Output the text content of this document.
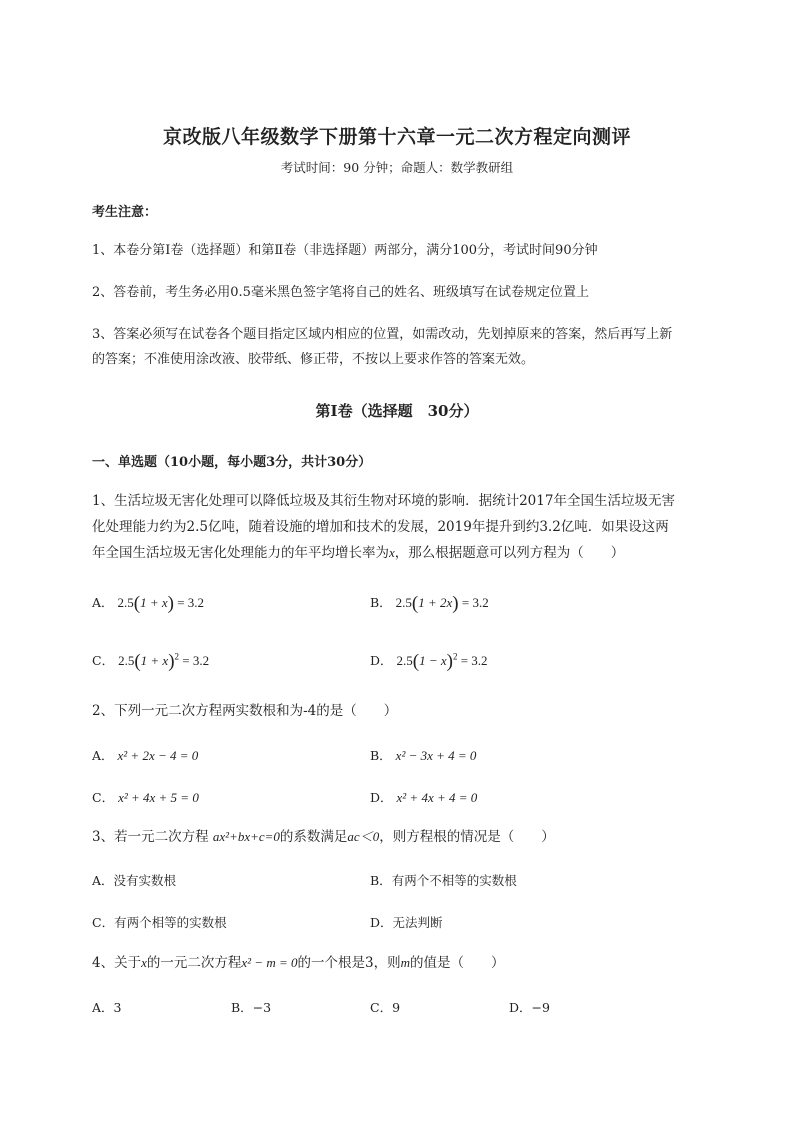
京改版八年级数学下册第十六章一元二次方程定向测评
考试时间：90 分钟；命题人：数学教研组
考生注意：
1、本卷分第Ⅰ卷（选择题）和第Ⅱ卷（非选择题）两部分，满分100分，考试时间90分钟
2、答卷前，考生务必用0.5毫米黑色签字笔将自己的姓名、班级填写在试卷规定位置上
3、答案必须写在试卷各个题目指定区域内相应的位置，如需改动，先划掉原来的答案，然后再写上新
的答案；不准使用涂改液、胶带纸、修正带，不按以上要求作答的答案无效。
第Ⅰ卷（选择题　30分）
一、单选题（10小题，每小题3分，共计30分）
1、生活垃圾无害化处理可以降低垃圾及其衍生物对环境的影响．据统计2017年全国生活垃圾无害
化处理能力约为2.5亿吨，随着设施的增加和技术的发展，2019年提升到约3.2亿吨．如果设这两
年全国生活垃圾无害化处理能力的年平均增长率为x，那么根据题意可以列方程为（　　）
A． 2.5(1 + x) = 3.2	B． 2.5(1 + 2x) = 3.2
C． $2.5(1 + x)^2 = 3.2$	D． $2.5(1 - x)^2 = 3.2$
2、下列一元二次方程两实数根和为-4的是（　　）
A． x² + 2x − 4 = 0	B． x² − 3x + 4 = 0
C． x² + 4x + 5 = 0	D． x² + 4x + 4 = 0
3、若一元二次方程 ax²+bx+c=0的系数满足ac＜0，则方程根的情况是（　　）
A．没有实数根	B．有两个不相等的实数根
C．有两个相等的实数根	D．无法判断
4、关于x的一元二次方程x² − m = 0的一个根是3，则m的值是（　　）
A．3	B．−3	C．9	D．−9
